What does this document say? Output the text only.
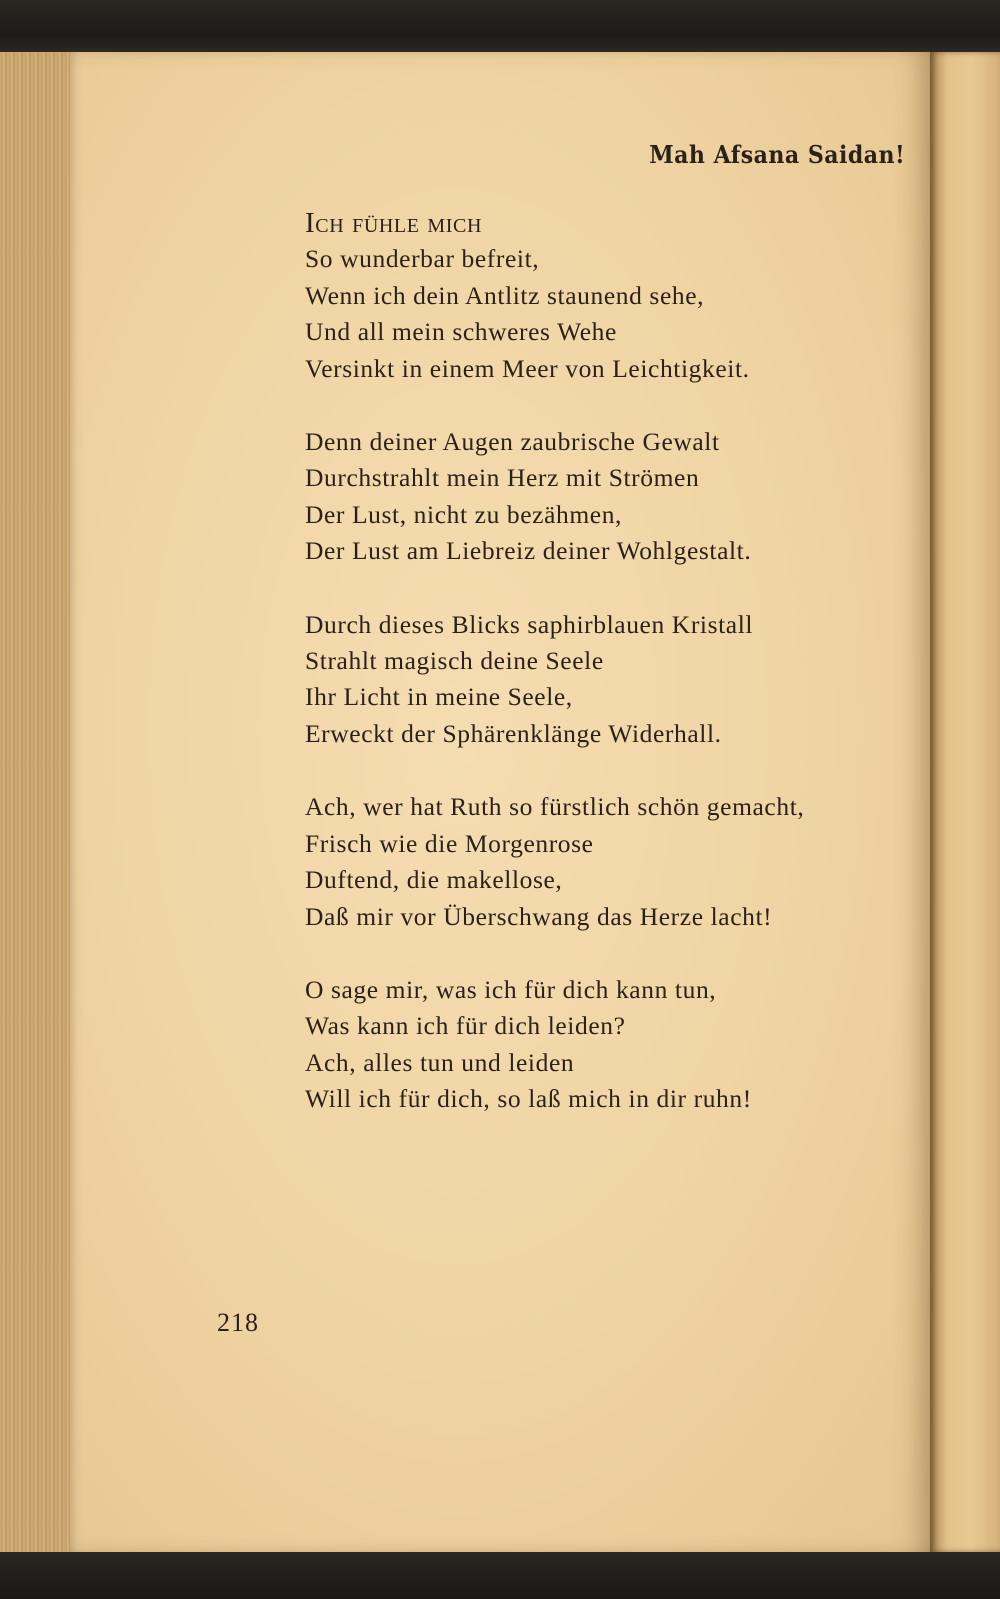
Mah Afsana Saidan!
Ich fühle mich
So wunderbar befreit,
Wenn ich dein Antlitz staunend sehe,
Und all mein schweres Wehe
Versinkt in einem Meer von Leichtigkeit.
Denn deiner Augen zaubrische Gewalt
Durchstrahlt mein Herz mit Strömen
Der Lust, nicht zu bezähmen,
Der Lust am Liebreiz deiner Wohlgestalt.
Durch dieses Blicks saphirblauen Kristall
Strahlt magisch deine Seele
Ihr Licht in meine Seele,
Erweckt der Sphärenklänge Widerhall.
Ach, wer hat Ruth so fürstlich schön gemacht,
Frisch wie die Morgenrose
Duftend, die makellose,
Daß mir vor Überschwang das Herze lacht!
O sage mir, was ich für dich kann tun,
Was kann ich für dich leiden?
Ach, alles tun und leiden
Will ich für dich, so laß mich in dir ruhn!
218
